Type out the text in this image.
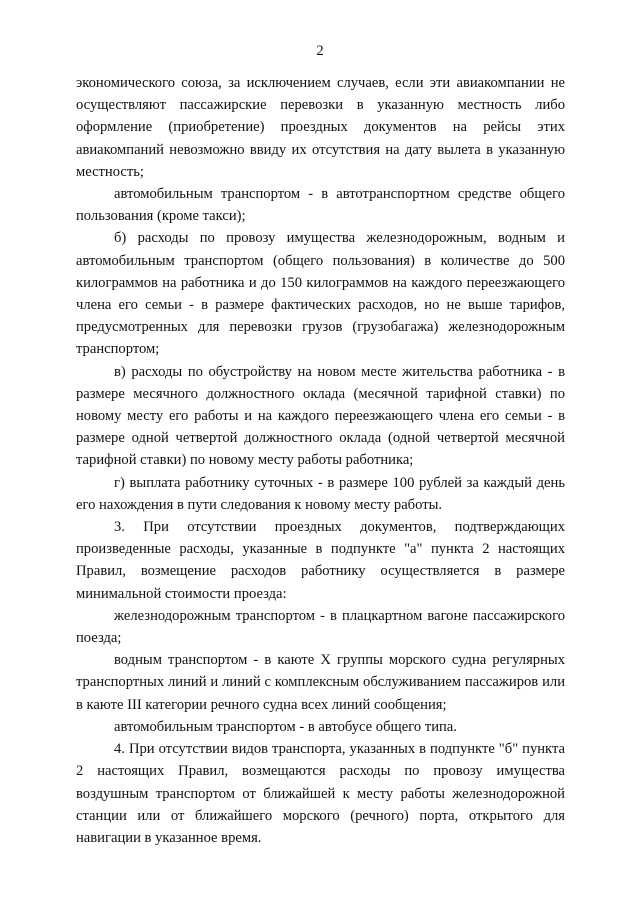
2

экономического союза, за исключением случаев, если эти авиакомпании не осуществляют пассажирские перевозки в указанную местность либо оформление (приобретение) проездных документов на рейсы этих авиакомпаний невозможно ввиду их отсутствия на дату вылета в указанную местность;

автомобильным транспортом - в автотранспортном средстве общего пользования (кроме такси);

б) расходы по провозу имущества железнодорожным, водным и автомобильным транспортом (общего пользования) в количестве до 500 килограммов на работника и до 150 килограммов на каждого переезжающего члена его семьи - в размере фактических расходов, но не выше тарифов, предусмотренных для перевозки грузов (грузобагажа) железнодорожным транспортом;

в) расходы по обустройству на новом месте жительства работника - в размере месячного должностного оклада (месячной тарифной ставки) по новому месту его работы и на каждого переезжающего члена его семьи - в размере одной четвертой должностного оклада (одной четвертой месячной тарифной ставки) по новому месту работы работника;

г) выплата работнику суточных - в размере 100 рублей за каждый день его нахождения в пути следования к новому месту работы.

3. При отсутствии проездных документов, подтверждающих произведенные расходы, указанные в подпункте "а" пункта 2 настоящих Правил, возмещение расходов работнику осуществляется в размере минимальной стоимости проезда:

железнодорожным транспортом - в плацкартном вагоне пассажирского поезда;

водным транспортом - в каюте X группы морского судна регулярных транспортных линий и линий с комплексным обслуживанием пассажиров или в каюте III категории речного судна всех линий сообщения;

автомобильным транспортом - в автобусе общего типа.

4. При отсутствии видов транспорта, указанных в подпункте "б" пункта 2 настоящих Правил, возмещаются расходы по провозу имущества воздушным транспортом от ближайшей к месту работы железнодорожной станции или от ближайшего морского (речного) порта, открытого для навигации в указанное время.
